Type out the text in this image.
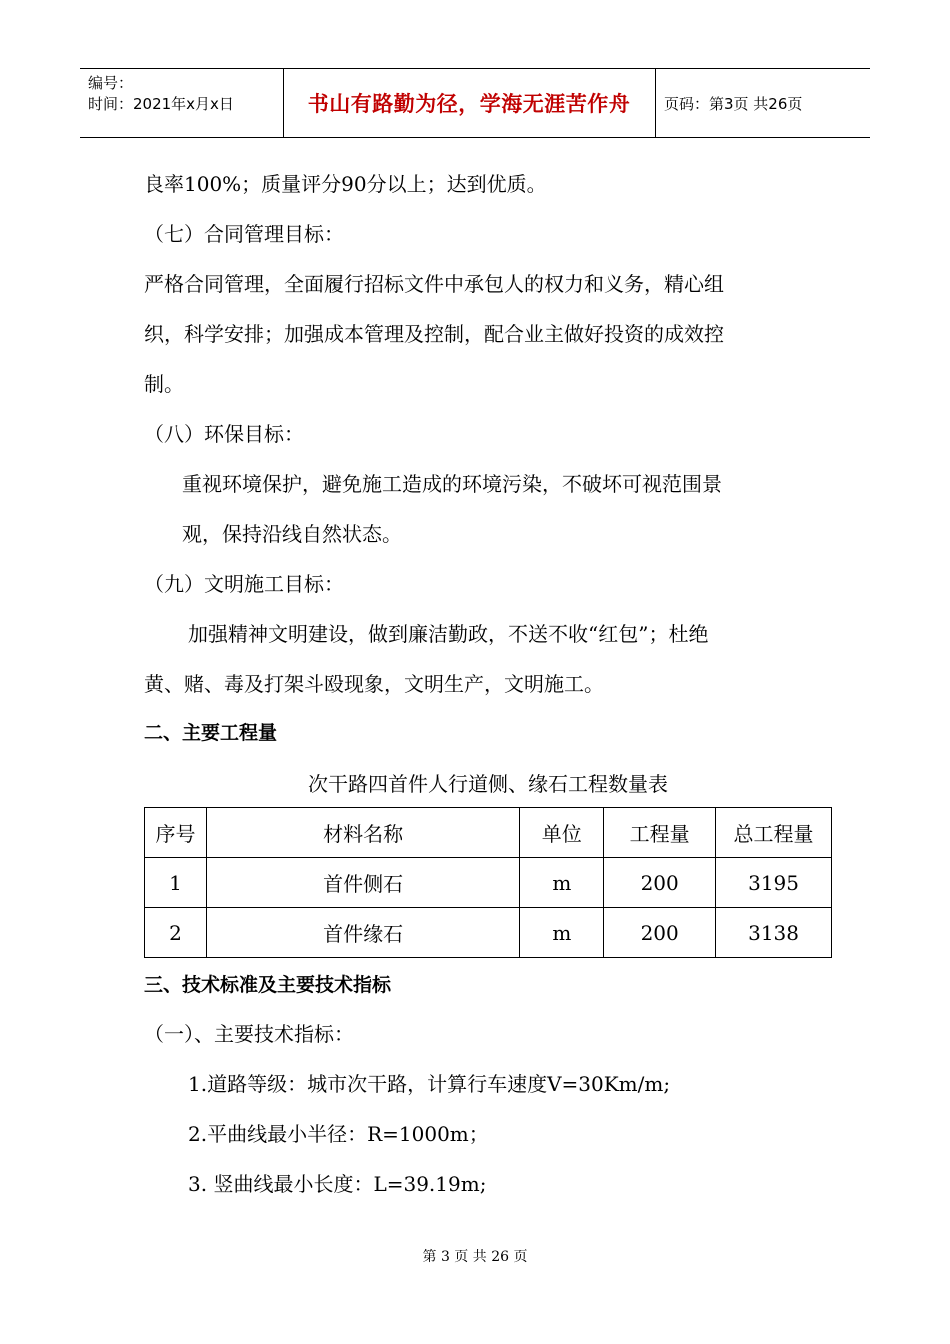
编号：
时间：2021年x月x日	书山有路勤为径，学海无涯苦作舟	页码：第3页 共26页
良率100%；质量评分90分以上；达到优质。
（七）合同管理目标：
严格合同管理，全面履行招标文件中承包人的权力和义务，精心组
织，科学安排；加强成本管理及控制，配合业主做好投资的成效控
制。
（八）环保目标：
重视环境保护，避免施工造成的环境污染，不破坏可视范围景
观，保持沿线自然状态。
（九）文明施工目标：
加强精神文明建设，做到廉洁勤政，不送不收“红包”；杜绝
黄、赌、毒及打架斗殴现象，文明生产，文明施工。
二、主要工程量
次干路四首件人行道侧、缘石工程数量表
序号	材料名称	单位	工程量	总工程量
1	首件侧石	m	200	3195
2	首件缘石	m	200	3138
三、技术标准及主要技术指标
（一）、主要技术指标：
1.道路等级：城市次干路，计算行车速度V=30Km/m;
2.平曲线最小半径：R=1000m；
3. 竖曲线最小长度：L=39.19m;
第 3 页 共 26 页
